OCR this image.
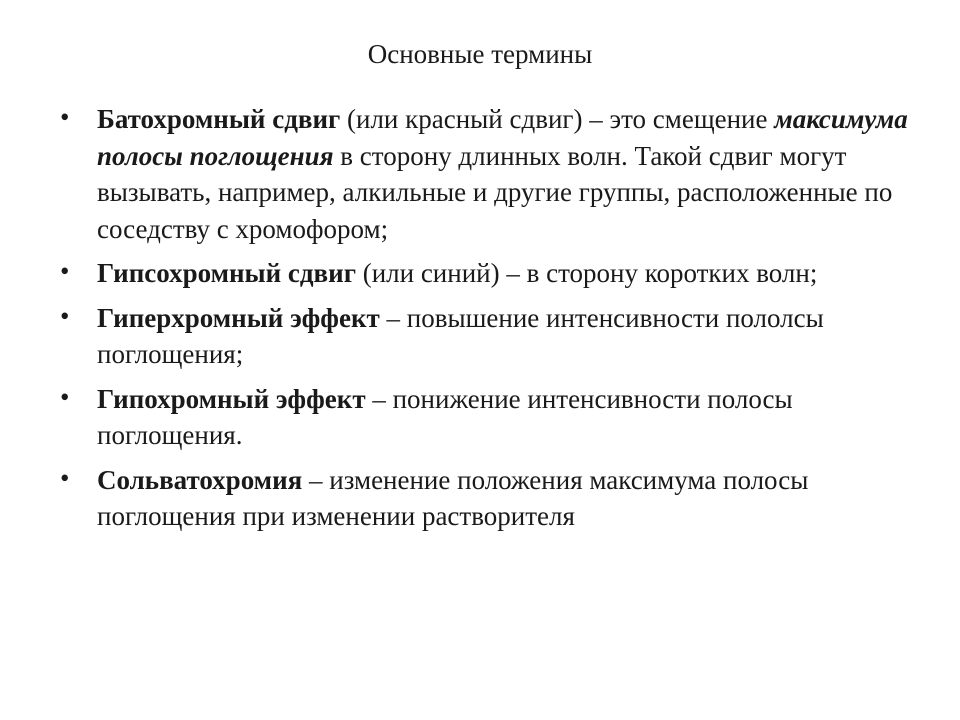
Основные термины
•	Батохромный сдвиг (или красный сдвиг) – это смещение максимума полосы поглощения в сторону длинных волн. Такой сдвиг могут вызывать, например, алкильные и другие группы, расположенные по соседству с хромофором;
•	Гипсохромный сдвиг (или синий) – в сторону коротких волн;
•	Гиперхромный эффект – повышение интенсивности пололсы поглощения;
•	Гипохромный эффект – понижение интенсивности полосы поглощения.
•	Сольватохромия – изменение положения максимума полосы поглощения при изменении растворителя
